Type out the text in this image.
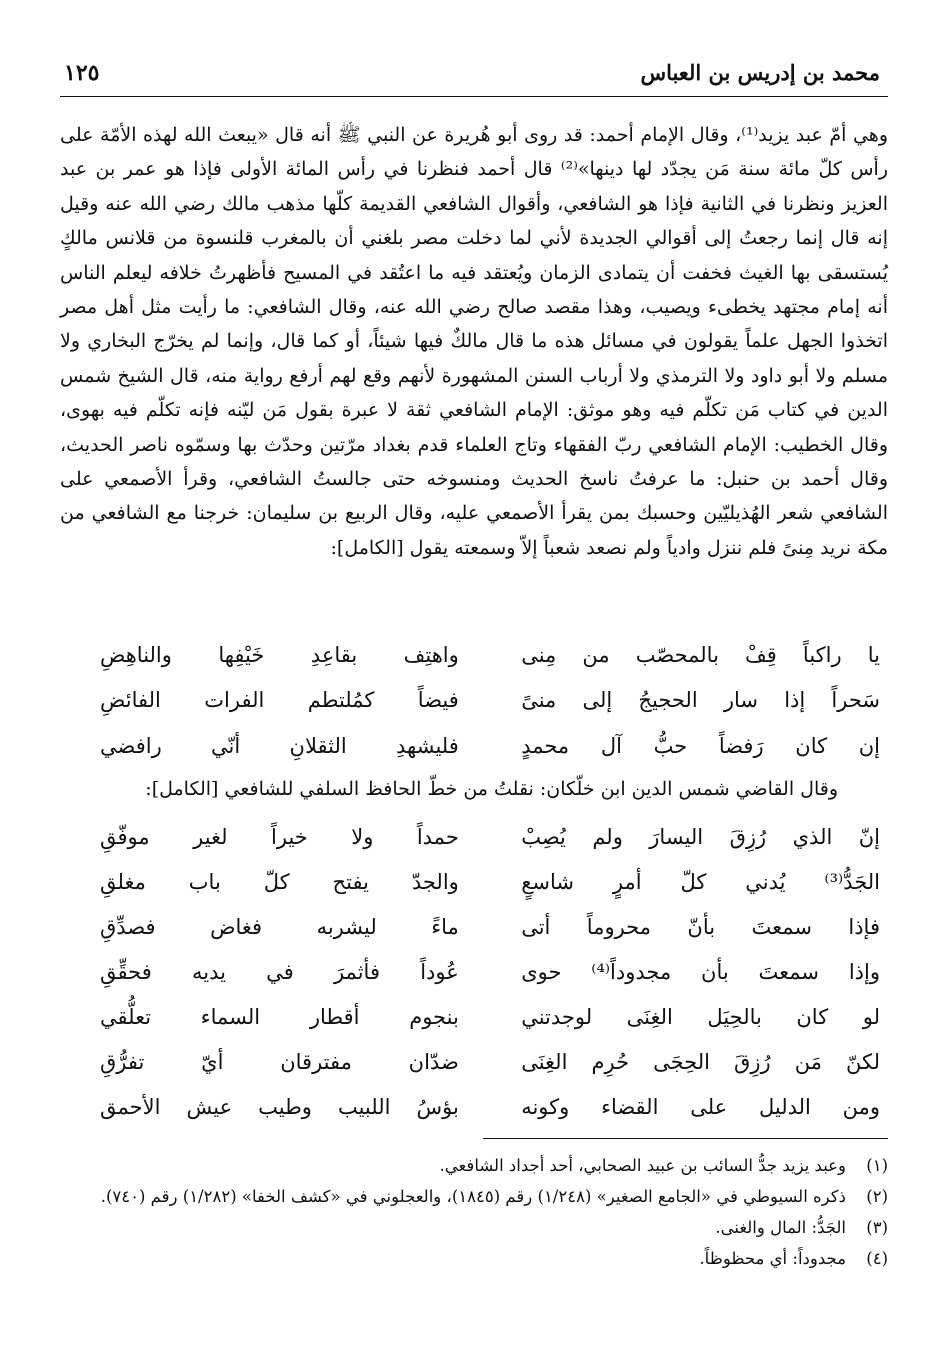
محمد بن إدريس بن العباس
١٢٥
وهي أمّ عبد يزيد⁽¹⁾، وقال الإمام أحمد: قد روى أبو هُريرة عن النبي ﷺ أنه قال «يبعث الله لهذه الأمّة على رأس كلّ مائة سنة مَن يجدّد لها دينها»⁽²⁾ قال أحمد فنظرنا في رأس المائة الأولى فإذا هو عمر بن عبد العزيز ونظرنا في الثانية فإذا هو الشافعي، وأقوال الشافعي القديمة كلّها مذهب مالك رضي الله عنه وقيل إنه قال إنما رجعتُ إلى أقوالي الجديدة لأني لما دخلت مصر بلغني أن بالمغرب قلنسوة من قلانس مالكٍ يُستسقى بها الغيث فخفت أن يتمادى الزمان ويُعتقد فيه ما اعتُقد في المسيح فأظهرتُ خلافه ليعلم الناس أنه إمام مجتهد يخطىء ويصيب، وهذا مقصد صالح رضي الله عنه، وقال الشافعي: ما رأيت مثل أهل مصر اتخذوا الجهل علماً يقولون في مسائل هذه ما قال مالكٌ فيها شيئاً، أو كما قال، وإنما لم يخرّج البخاري ولا مسلم ولا أبو داود ولا الترمذي ولا أرباب السنن المشهورة لأنهم وقع لهم أرفع رواية منه، قال الشيخ شمس الدين في كتاب مَن تكلّم فيه وهو موثق: الإمام الشافعي ثقة لا عبرة بقول مَن ليّنه فإنه تكلّم فيه بهوى، وقال الخطيب: الإمام الشافعي ربّ الفقهاء وتاج العلماء قدم بغداد مرّتين وحدّث بها وسمّوه ناصر الحديث، وقال أحمد بن حنبل: ما عرفتُ ناسخ الحديث ومنسوخه حتى جالستُ الشافعي، وقرأ الأصمعي على الشافعي شعر الهُذيليّين وحسبك بمن يقرأ الأصمعي عليه، وقال الربيع بن سليمان: خرجنا مع الشافعي من مكة نريد مِنىً فلم ننزل وادياً ولم نصعد شعباً إلاّ وسمعته يقول [الكامل]:
يا راكباً قِفْ بالمحصّب من مِنى
واهتِف بقاعِدِ خَيْفِها والناهِضِ
سَحراً إذا سار الحجيجُ إلى منىً
فيضاً كمُلتطم الفرات الفائضِ
إن كان رَفضاً حبُّ آل محمدٍ
فليشهدِ الثقلانِ أنّي رافضي
وقال القاضي شمس الدين ابن خلّكان: نقلتُ من خطّ الحافظ السلفي للشافعي [الكامل]:
إنّ الذي رُزِقَ اليسارَ ولم يُصِبْ
حمداً ولا خيراً لغير موفّقِ
الجَدُّ⁽³⁾ يُدني كلّ أمرٍ شاسعٍ
والجدّ يفتح كلّ باب مغلقِ
فإذا سمعتَ بأنّ محروماً أتى
ماءً ليشربه فغاض فصدِّقِ
وإذا سمعتَ بأن مجدوداً⁽⁴⁾ حوى
عُوداً فأثمرَ في يديه فحقِّقِ
لو كان بالحِيَل الغِنَى لوجدتني
بنجوم أقطار السماء تعلُّقي
لكنّ مَن رُزِقَ الحِجَى حُرِم الغِنَى
ضدّان مفترقان أيّ تفرُّقِ
ومن الدليل على القضاء وكونه
بؤسُ اللبيب وطيب عيش الأحمق
(١)
وعبد يزيد جدُّ السائب بن عبيد الصحابي، أحد أجداد الشافعي.
(٢)
ذكره السيوطي في «الجامع الصغير» (١/٢٤٨) رقم (١٨٤٥)، والعجلوني في «كشف الخفا» (١/٢٨٢) رقم (٧٤٠).
(٣)
الجَدُّ: المال والغنى.
(٤)
مجدوداً: أي محظوظاً.
